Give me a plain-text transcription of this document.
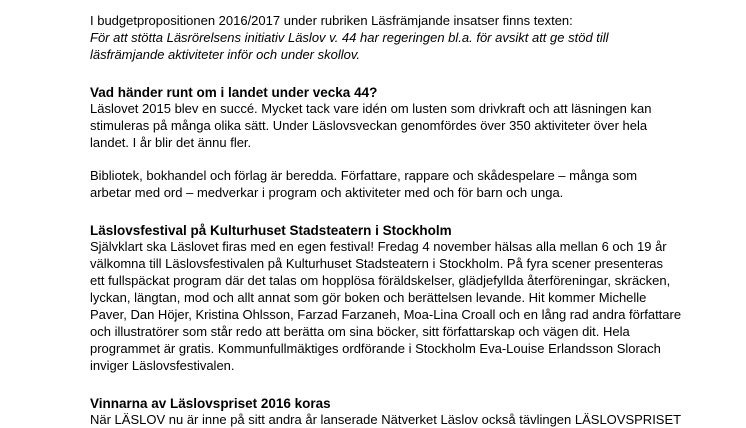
I budgetpropositionen 2016/2017 under rubriken Läsfrämjande insatser finns texten:
För att stötta Läsrörelsens initiativ Läslov v. 44 har regeringen bl.a. för avsikt att ge stöd till
läsfrämjande aktiviteter inför och under skollov.
Vad händer runt om i landet under vecka 44?
Läslovet 2015 blev en succé. Mycket tack vare idén om lusten som drivkraft och att läsningen kan
stimuleras på många olika sätt. Under Läslovsveckan genomfördes över 350 aktiviteter över hela
landet. I år blir det ännu fler.
Bibliotek, bokhandel och förlag är beredda. Författare, rappare och skådespelare – många som
arbetar med ord – medverkar i program och aktiviteter med och för barn och unga.
Läslovsfestival på Kulturhuset Stadsteatern i Stockholm
Självklart ska Läslovet firas med en egen festival! Fredag 4 november hälsas alla mellan 6 och 19 år
välkomna till Läslovsfestivalen på Kulturhuset Stadsteatern i Stockholm. På fyra scener presenteras
ett fullspäckat program där det talas om hopplösa föräldskelser, glädjefyllda återföreningar, skräcken,
lyckan, längtan, mod och allt annat som gör boken och berättelsen levande. Hit kommer Michelle
Paver, Dan Höjer, Kristina Ohlsson, Farzad Farzaneh, Moa-Lina Croall och en lång rad andra författare
och illustratörer som står redo att berätta om sina böcker, sitt författarskap och vägen dit. Hela
programmet är gratis. Kommunfullmäktiges ordförande i Stockholm Eva-Louise Erlandsson Slorach
inviger Läslovsfestivalen.
Vinnarna av Läslovspriset 2016 koras
När LÄSLOV nu är inne på sitt andra år lanserade Nätverket Läslov också tävlingen LÄSLOVSPRISET
